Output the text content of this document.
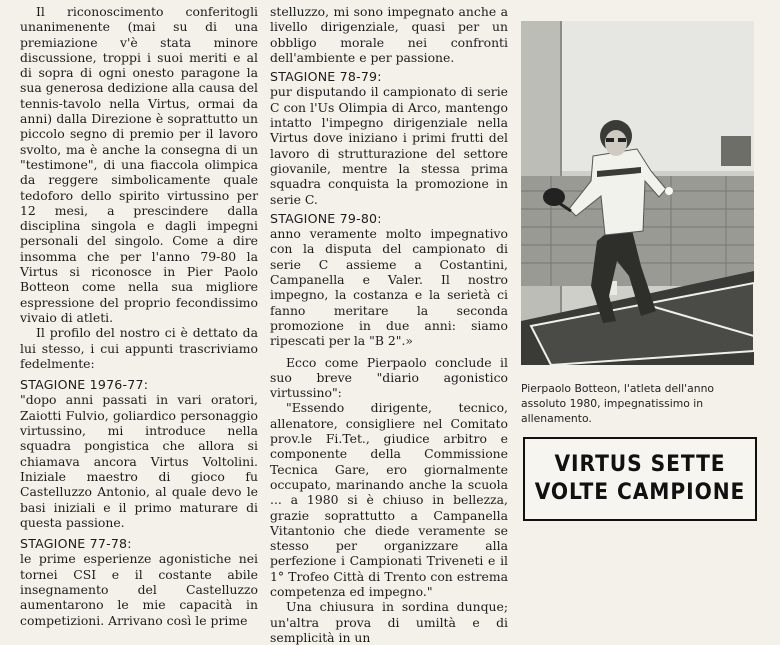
Il riconoscimento conferitogli unanimenente (mai su di una premiazione v'è stata minore discussione, troppi i suoi meriti e al di sopra di ogni onesto paragone la sua generosa dedizione alla causa del tennis-tavolo nella Virtus, ormai da anni) dalla Direzione è soprattutto un piccolo segno di premio per il lavoro svolto, ma è anche la consegna di un "testimone", di una fiaccola olimpica da reggere simbolicamente quale tedoforo dello spirito virtussino per 12 mesi, a prescindere dalla disciplina singola e dagli impegni personali del singolo. Come a dire insomma che per l'anno 79-80 la Virtus si riconosce in Pier Paolo Botteon come nella sua migliore espressione del proprio fecondissimo vivaio di atleti.

Il profilo del nostro ci è dettato da lui stesso, i cui appunti trascriviamo fedelmente:

STAGIONE 1976-77:

"dopo anni passati in vari oratori, Zaiotti Fulvio, goliardico personaggio virtussino, mi introduce nella squadra pongistica che allora si chiamava ancora Virtus Voltolini. Iniziale maestro di gioco fu Castelluzzo Antonio, al quale devo le basi iniziali e il primo maturare di questa passione.

STAGIONE 77-78:

le prime esperienze agonistiche nei tornei CSI e il costante abile insegnamento del Castelluzzo aumentarono le mie capacità in competizioni. Arrivano così le prime

stelluzzo, mi sono impegnato anche a livello dirigenziale, quasi per un obbligo morale nei confronti dell'ambiente e per passione.

STAGIONE 78-79:

pur disputando il campionato di serie C con l'Us Olimpia di Arco, mantengo intatto l'impegno dirigenziale nella Virtus dove iniziano i primi frutti del lavoro di strutturazione del settore giovanile, mentre la stessa prima squadra conquista la promozione in serie C.

STAGIONE 79-80:

anno veramente molto impegnativo con la disputa del campionato di serie C assieme a Costantini, Campanella e Valer. Il nostro impegno, la costanza e la serietà ci fanno meritare la seconda promozione in due anni: siamo ripescati per la "B 2".»

Ecco come Pierpaolo conclude il suo breve "diario agonistico virtussino":

"Essendo dirigente, tecnico, allenatore, consigliere nel Comitato prov.le Fi.Tet., giudice arbitro e componente della Commissione Tecnica Gare, ero giornalmente occupato, marinando anche la scuola ... a 1980 si è chiuso in bellezza, grazie soprattutto a Campanella Vitantonio che diede veramente se stesso per organizzare alla perfezione i Campionati Triveneti e il 1° Trofeo Città di Trento con estrema competenza ed impegno."

Una chiusura in sordina dunque; un'altra prova di umiltà e di semplicità in un

Pierpaolo Botteon, l'atleta dell'anno assoluto 1980, impegnatissimo in allenamento.
VIRTUS SETTE
VOLTE CAMPIONE
